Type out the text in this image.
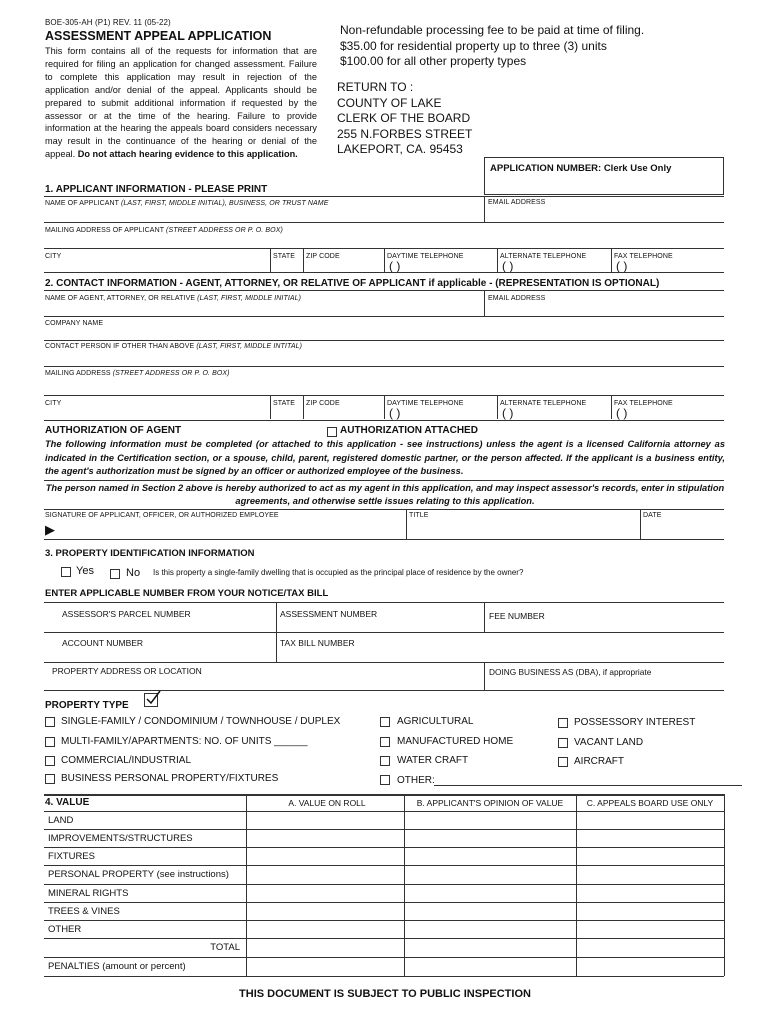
BOE-305-AH (P1) REV. 11 (05-22)
ASSESSMENT APPEAL APPLICATION
This form contains all of the requests for information that are required for filing an application for changed assessment. Failure to complete this application may result in rejection of the application and/or denial of the appeal. Applicants should be prepared to submit additional information if requested by the assessor or at the time of the hearing. Failure to provide information at the hearing the appeals board considers necessary may result in the continuance of the hearing or denial of the appeal. Do not attach hearing evidence to this application.
Non-refundable processing fee to be paid at time of filing.
$35.00 for residential property up to three (3) units
$100.00 for all other property types
RETURN TO :
COUNTY OF LAKE
CLERK OF THE BOARD
255 N.FORBES STREET
LAKEPORT, CA. 95453
APPLICATION NUMBER: Clerk Use Only
1. APPLICANT INFORMATION - PLEASE PRINT
NAME OF APPLICANT (LAST, FIRST, MIDDLE INITIAL), BUSINESS, OR TRUST NAME	EMAIL ADDRESS
MAILING ADDRESS OF APPLICANT (STREET ADDRESS OR P. O. BOX)
CITY	STATE ZIP CODE	DAYTIME TELEPHONE
( )
ALTERNATE TELEPHONE
( )
FAX TELEPHONE
( )
2. CONTACT INFORMATION - AGENT, ATTORNEY, OR RELATIVE OF APPLICANT if applicable - (REPRESENTATION IS OPTIONAL)
NAME OF AGENT, ATTORNEY, OR RELATIVE (LAST, FIRST, MIDDLE INITIAL)	EMAIL ADDRESS
COMPANY NAME
CONTACT PERSON IF OTHER THAN ABOVE (LAST, FIRST, MIDDLE INTITAL)
MAILING ADDRESS (STREET ADDRESS OR P. O. BOX)
CITY	STATE ZIP CODE	DAYTIME TELEPHONE
( )
ALTERNATE TELEPHONE
( )
FAX TELEPHONE
( )
AUTHORIZATION OF AGENT	AUTHORIZATION ATTACHED
The following information must be completed (or attached to this application - see instructions) unless the agent is a licensed California attorney as indicated in the Certification section, or a spouse, child, parent, registered domestic partner, or the person affected. If the applicant is a business entity, the agent's authorization must be signed by an officer or authorized employee of the business.
The person named in Section 2 above is hereby authorized to act as my agent in this application, and may inspect assessor's records, enter in stipulation agreements, and otherwise settle issues relating to this application.
SIGNATURE OF APPLICANT, OFFICER, OR AUTHORIZED EMPLOYEE
▶
TITLE	DATE
3. PROPERTY IDENTIFICATION INFORMATION
Yes	No Is this property a single-family dwelling that is occupied as the principal place of residence by the owner?
ENTER APPLICABLE NUMBER FROM YOUR NOTICE/TAX BILL
ASSESSOR'S PARCEL NUMBER	ASSESSMENT NUMBER	FEE NUMBER
ACCOUNT NUMBER	TAX BILL NUMBER
PROPERTY ADDRESS OR LOCATION	DOING BUSINESS AS (DBA), if appropriate
PROPERTY TYPE
SINGLE-FAMILY / CONDOMINIUM / TOWNHOUSE / DUPLEX
MULTI-FAMILY/APARTMENTS: NO. OF UNITS ______
COMMERCIAL/INDUSTRIAL
BUSINESS PERSONAL PROPERTY/FIXTURES
AGRICULTURAL
MANUFACTURED HOME
WATER CRAFT
OTHER:
POSSESSORY INTEREST
VACANT LAND
AIRCRAFT
4. VALUE	A. VALUE ON ROLL	B. APPLICANT'S OPINION OF VALUE	C. APPEALS BOARD USE ONLY
LAND
IMPROVEMENTS/STRUCTURES
FIXTURES
PERSONAL PROPERTY (see instructions)
MINERAL RIGHTS
TREES & VINES
OTHER
TOTAL
PENALTIES (amount or percent)
THIS DOCUMENT IS SUBJECT TO PUBLIC INSPECTION
